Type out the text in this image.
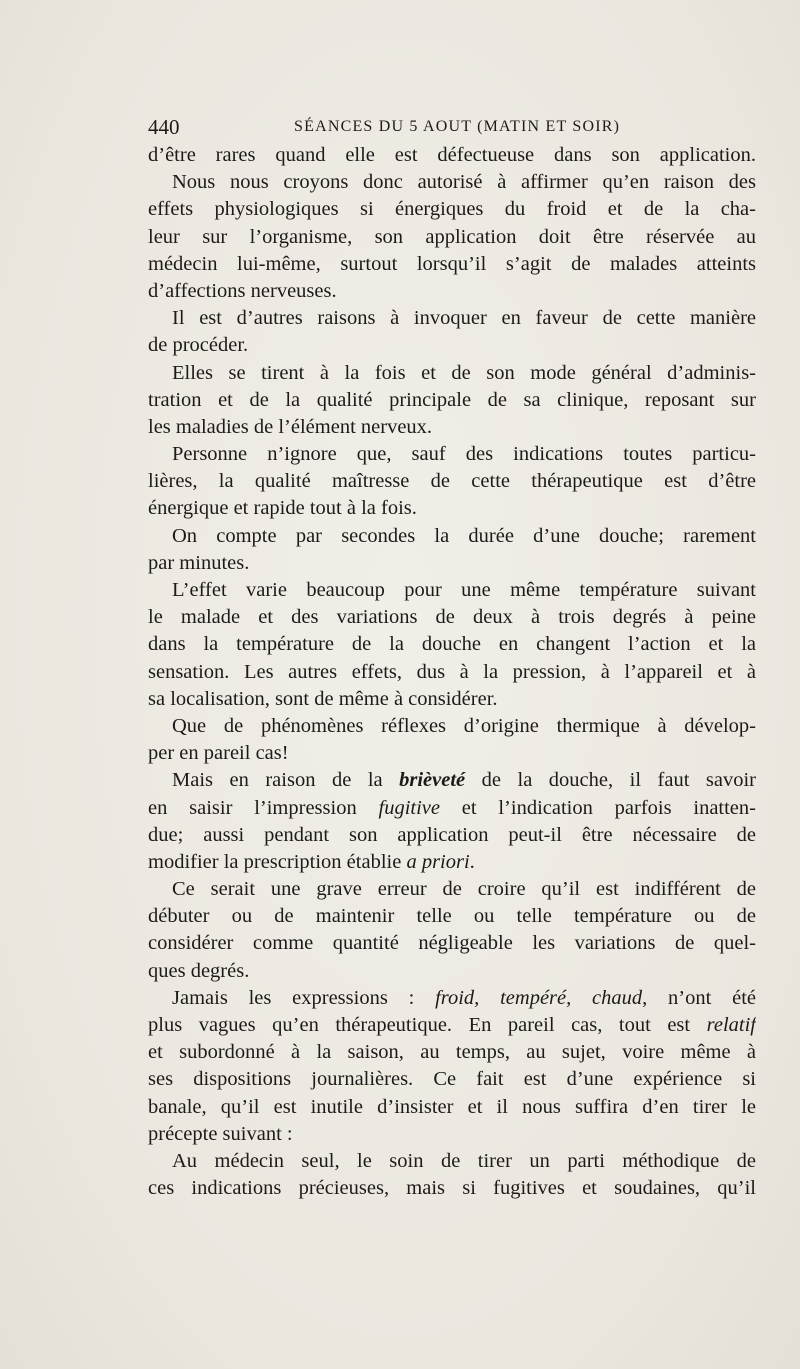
440	SÉANCES DU 5 AOUT (MATIN ET SOIR)
d’être rares quand elle est défectueuse dans son application.
Nous nous croyons donc autorisé à affirmer qu’en raison des
effets physiologiques si énergiques du froid et de la cha-
leur sur l’organisme, son application doit être réservée au
médecin lui-même, surtout lorsqu’il s’agit de malades atteints
d’affections nerveuses.
Il est d’autres raisons à invoquer en faveur de cette manière
de procéder.
Elles se tirent à la fois et de son mode général d’adminis-
tration et de la qualité principale de sa clinique, reposant sur
les maladies de l’élément nerveux.
Personne n’ignore que, sauf des indications toutes particu-
lières, la qualité maîtresse de cette thérapeutique est d’être
énergique et rapide tout à la fois.
On compte par secondes la durée d’une douche; rarement
par minutes.
L’effet varie beaucoup pour une même température suivant
le malade et des variations de deux à trois degrés à peine
dans la température de la douche en changent l’action et la
sensation. Les autres effets, dus à la pression, à l’appareil et à
sa localisation, sont de même à considérer.
Que de phénomènes réflexes d’origine thermique à dévelop-
per en pareil cas!
Mais en raison de la brièveté de la douche, il faut savoir
en saisir l’impression fugitive et l’indication parfois inatten-
due; aussi pendant son application peut-il être nécessaire de
modifier la prescription établie a priori.
Ce serait une grave erreur de croire qu’il est indifférent de
débuter ou de maintenir telle ou telle température ou de
considérer comme quantité négligeable les variations de quel-
ques degrés.
Jamais les expressions : froid, tempéré, chaud, n’ont été
plus vagues qu’en thérapeutique. En pareil cas, tout est relatif
et subordonné à la saison, au temps, au sujet, voire même à
ses dispositions journalières. Ce fait est d’une expérience si
banale, qu’il est inutile d’insister et il nous suffira d’en tirer le
précepte suivant :
Au médecin seul, le soin de tirer un parti méthodique de
ces indications précieuses, mais si fugitives et soudaines, qu’il
